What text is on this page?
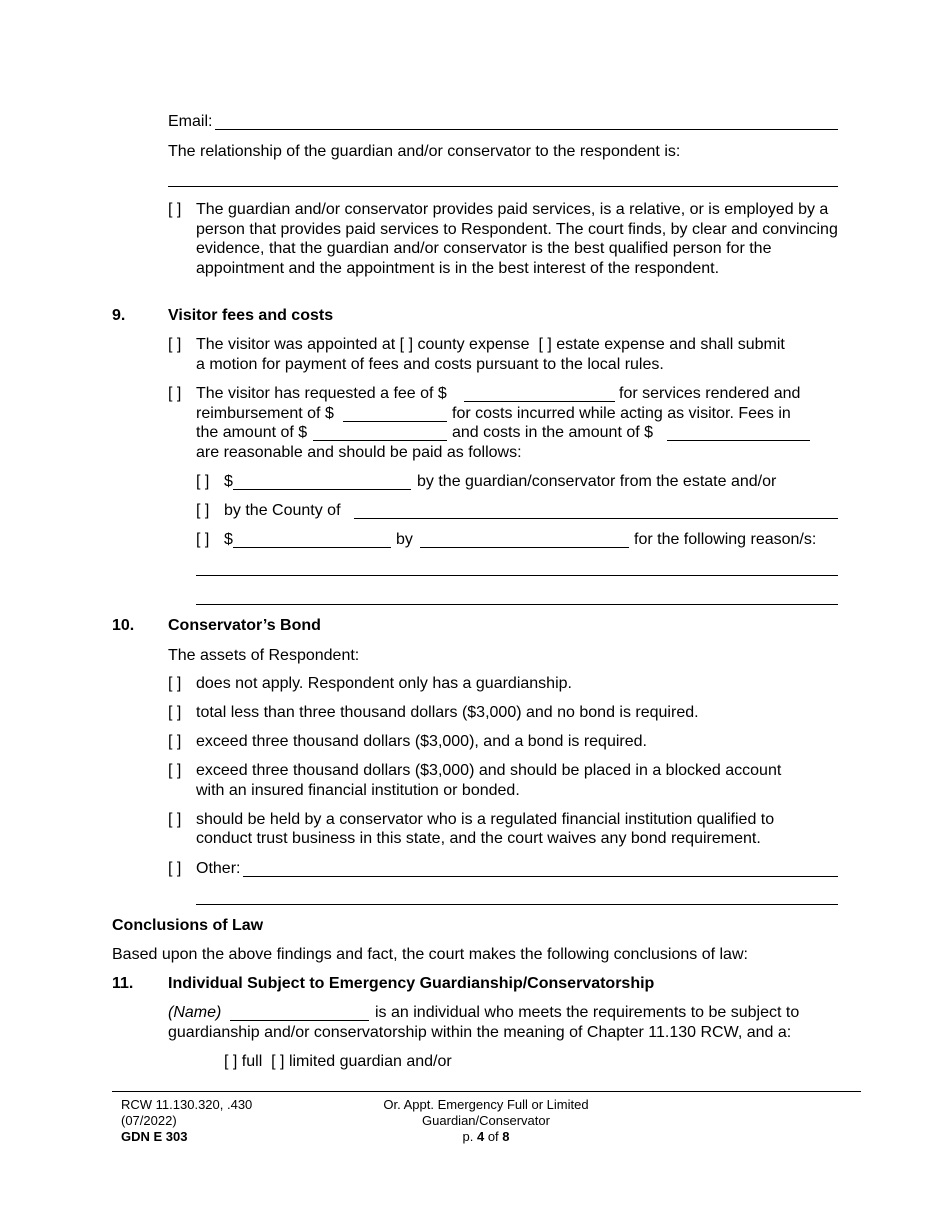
Email:
The relationship of the guardian and/or conservator to the respondent is:
[ ] The guardian and/or conservator provides paid services, is a relative, or is employed by a person that provides paid services to Respondent. The court finds, by clear and convincing evidence, that the guardian and/or conservator is the best qualified person for the appointment and the appointment is in the best interest of the respondent.
9.	Visitor fees and costs
[ ] The visitor was appointed at [ ] county expense [ ] estate expense and shall submit
a motion for payment of fees and costs pursuant to the local rules.
[ ] The visitor has requested a fee of $	for services rendered and
reimbursement of $	for costs incurred while acting as visitor. Fees in
the amount of $	and costs in the amount of $
are reasonable and should be paid as follows:
[ ] $	by the guardian/conservator from the estate and/or
[ ] by the County of
[ ] $	by	for the following reason/s:
10. Conservator’s Bond
The assets of Respondent:
[ ] does not apply. Respondent only has a guardianship.
[ ] total less than three thousand dollars ($3,000) and no bond is required.
[ ] exceed three thousand dollars ($3,000), and a bond is required.
[ ] exceed three thousand dollars ($3,000) and should be placed in a blocked account
with an insured financial institution or bonded.
[ ] should be held by a conservator who is a regulated financial institution qualified to
conduct trust business in this state, and the court waives any bond requirement.
[ ] Other:
Conclusions of Law
Based upon the above findings and fact, the court makes the following conclusions of law:
11. Individual Subject to Emergency Guardianship/Conservatorship
(Name)	is an individual who meets the requirements to be subject to
guardianship and/or conservatorship within the meaning of Chapter 11.130 RCW, and a:
[ ] full [ ] limited guardian and/or
RCW 11.130.320, .430
(07/2022)
GDN E 303
Or. Appt. Emergency Full or Limited
Guardian/Conservator
p. 4 of 8
